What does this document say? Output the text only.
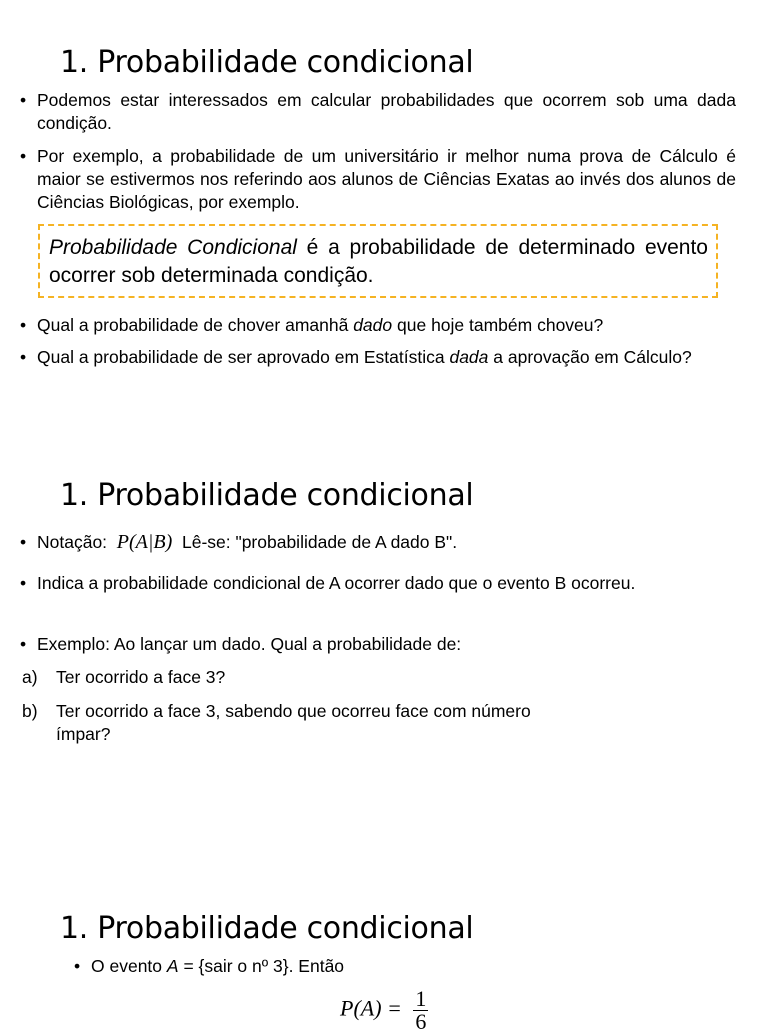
1. Probabilidade condicional
• Podemos estar interessados em calcular probabilidades que ocorrem sob uma dada condição.
• Por exemplo, a probabilidade de um universitário ir melhor numa prova de Cálculo é maior se estivermos nos referindo aos alunos de Ciências Exatas ao invés dos alunos de Ciências Biológicas, por exemplo.
Probabilidade Condicional é a probabilidade de determinado evento ocorrer sob determinada condição.
• Qual a probabilidade de chover amanhã dado que hoje também choveu?
• Qual a probabilidade de ser aprovado em Estatística dada a aprovação em Cálculo?
1. Probabilidade condicional
• Notação: P(A|B) Lê-se: "probabilidade de A dado B".
• Indica a probabilidade condicional de A ocorrer dado que o evento B ocorreu.
• Exemplo: Ao lançar um dado. Qual a probabilidade de:
a) Ter ocorrido a face 3?
b) Ter ocorrido a face 3, sabendo que ocorreu face com número
ímpar?
1. Probabilidade condicional
• O evento A = {sair o nº 3}. Então
$P(A) = \frac{1}{6}$
